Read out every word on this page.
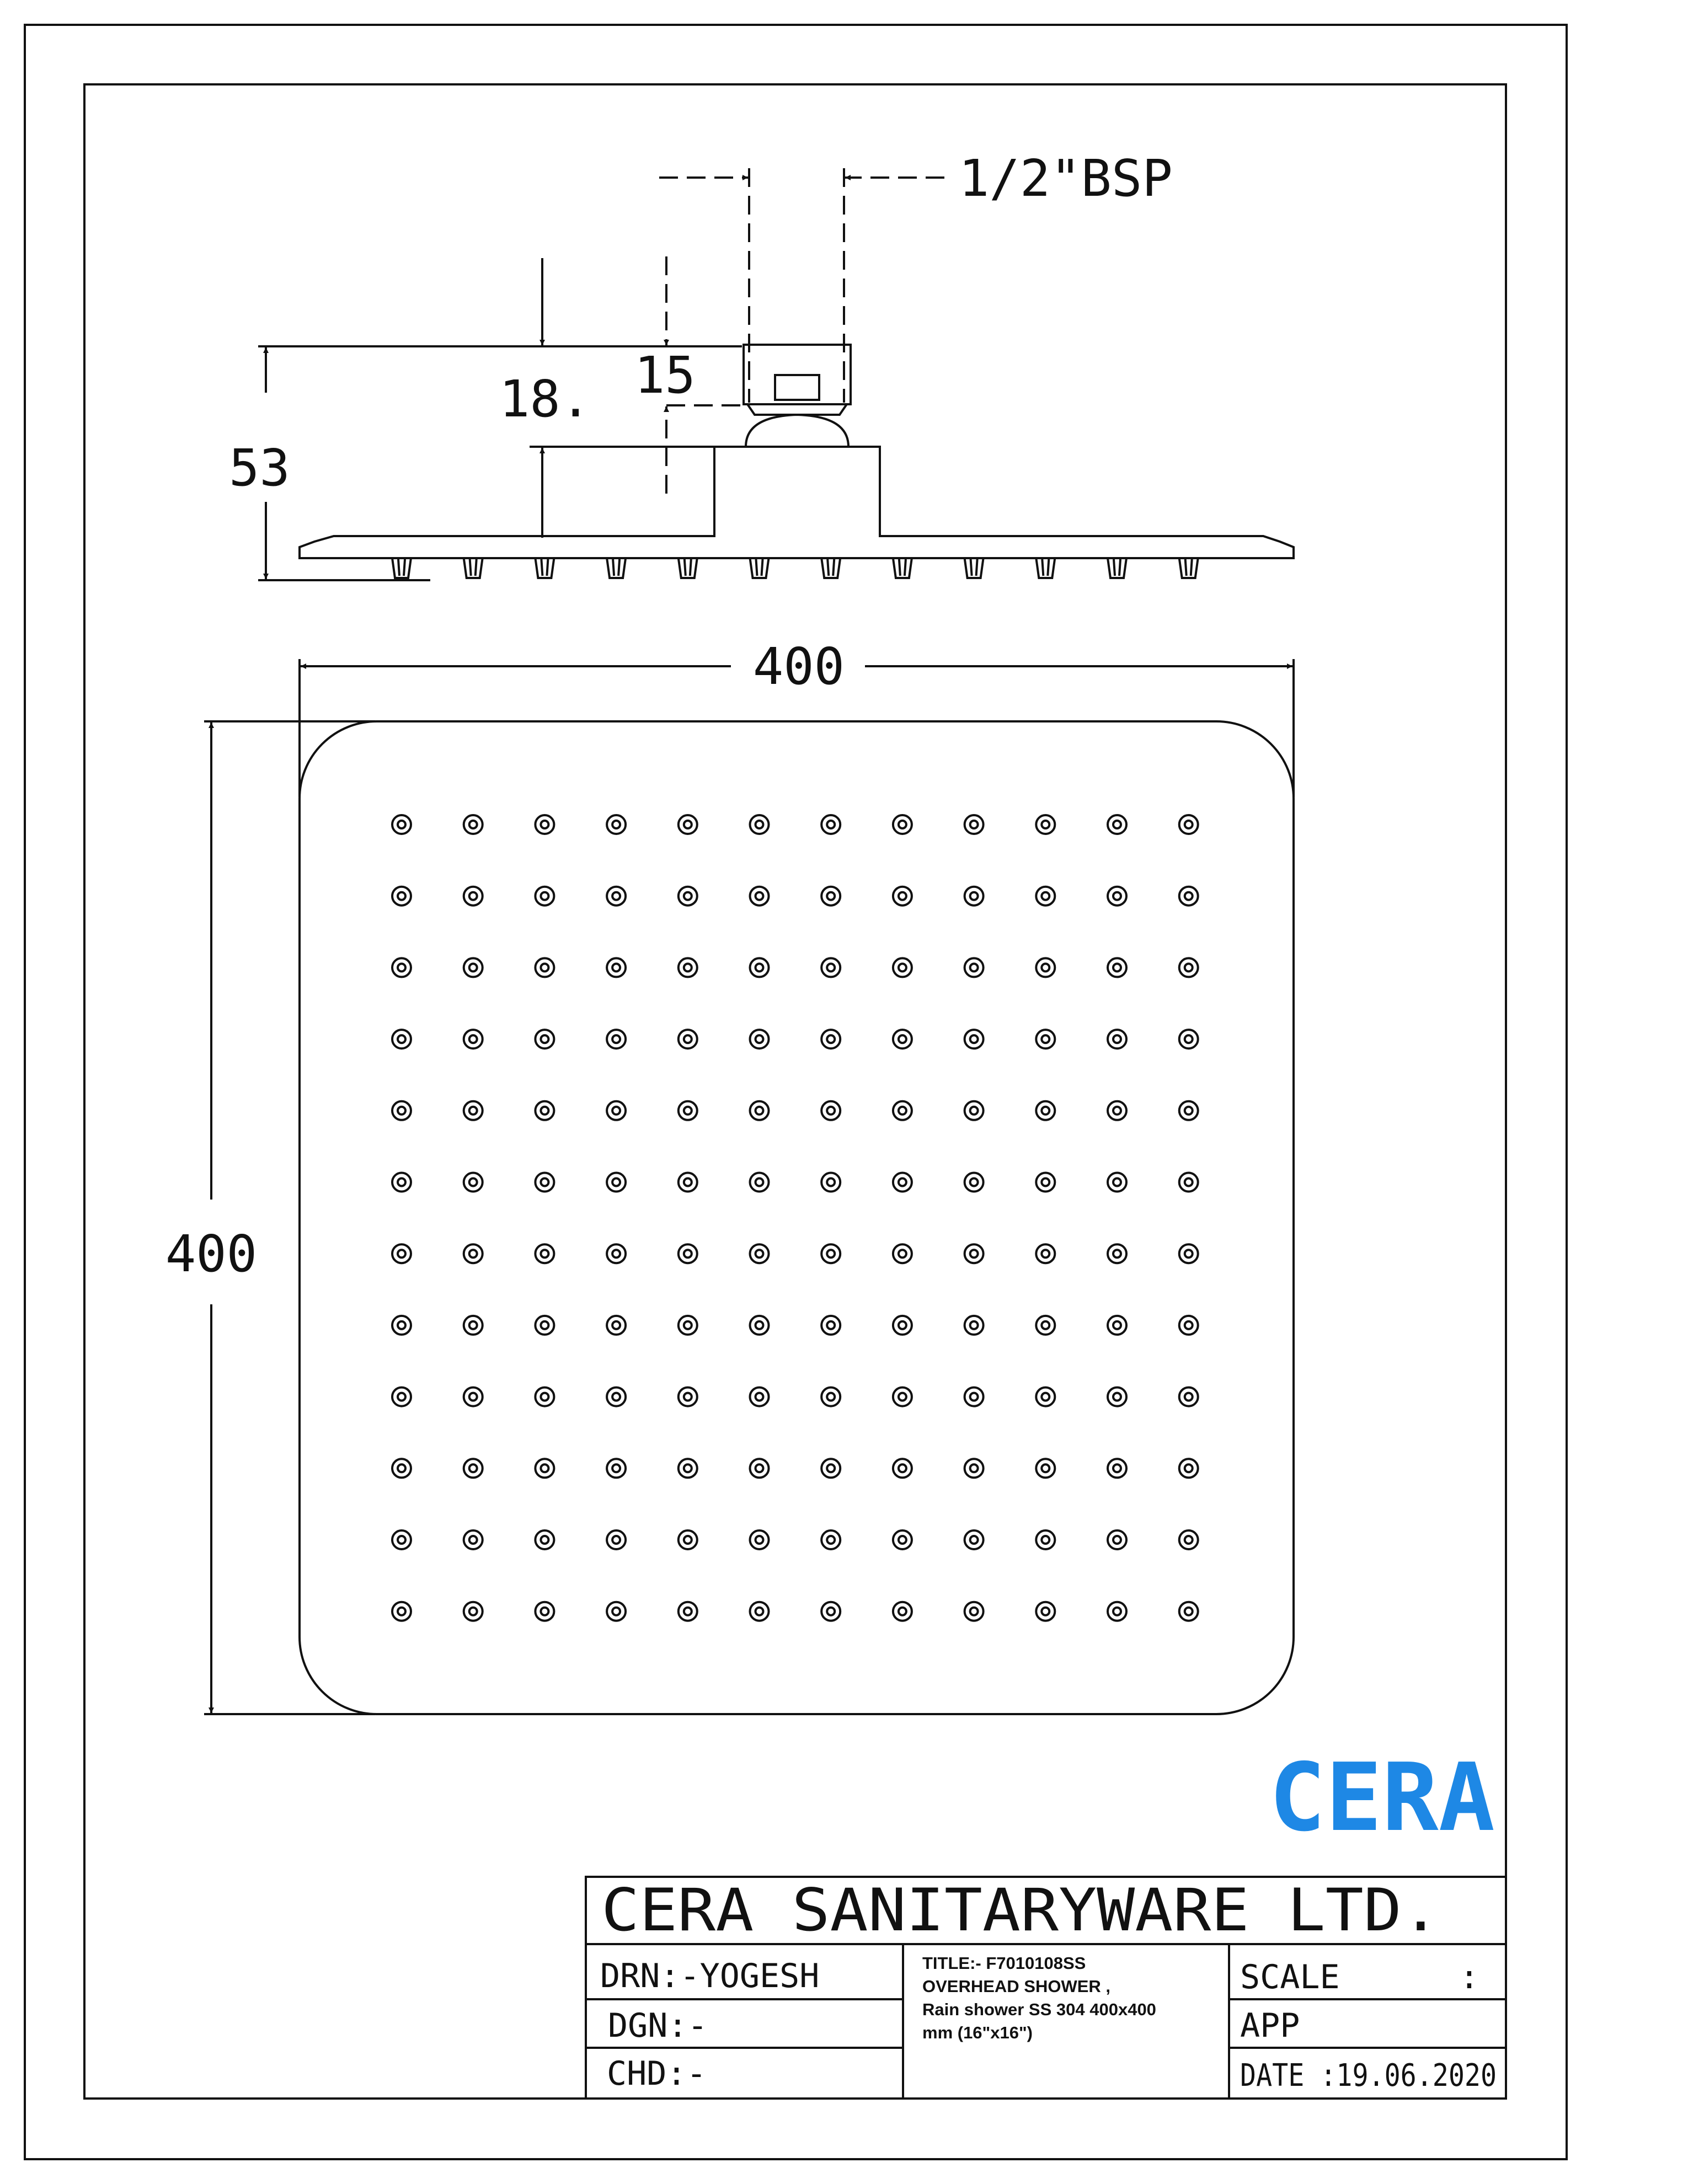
1/2"BSP
18. 15
53
400
400
CERA
CERA SANITARYWARE LTD.
DRN:-YOGESH
DGN:-
CHD:-
TITLE:- F7010108SS
OVERHEAD SHOWER ,
Rain shower SS 304 400x400
mm (16"x16")
SCALE      :
APP
DATE :19.06.2020
